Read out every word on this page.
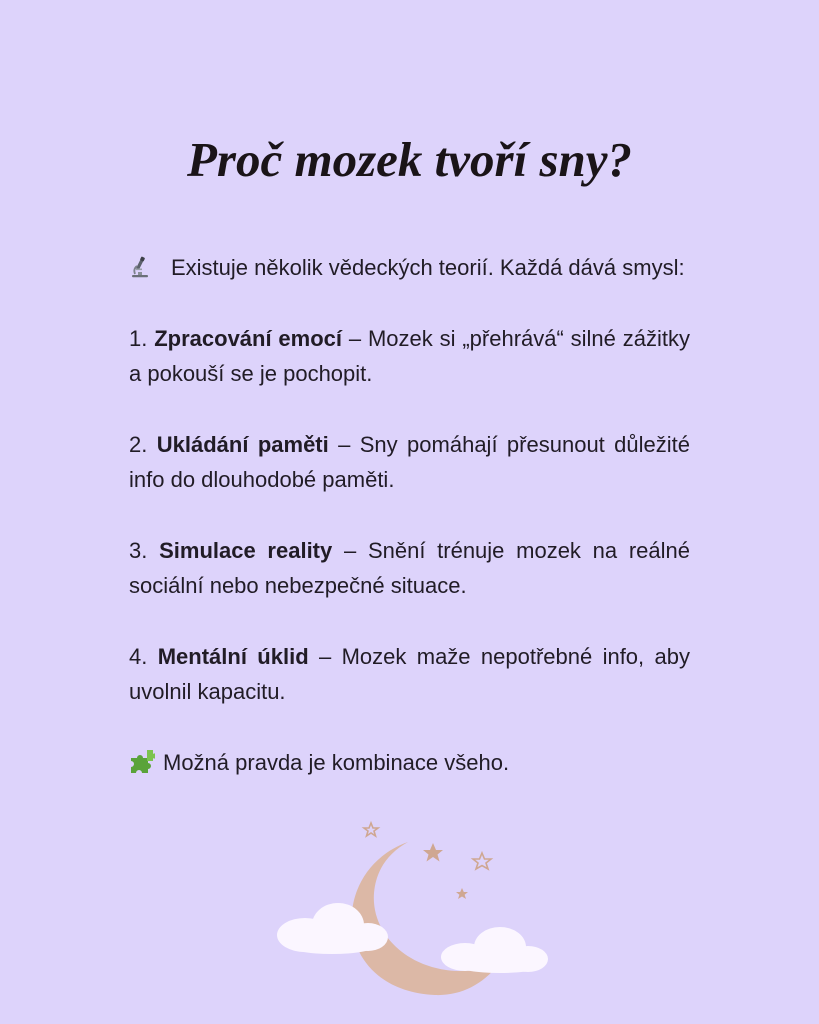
Proč mozek tvoří sny?

Existuje několik vědeckých teorií. Každá dává smysl:

1. Zpracování emocí – Mozek si „přehrává“ silné zážitky a pokouší se je pochopit.

2. Ukládání paměti – Sny pomáhají přesunout důležité info do dlouhodobé paměti.

3. Simulace reality – Snění trénuje mozek na reálné sociální nebo nebezpečné situace.

4. Mentální úklid – Mozek maže nepotřebné info, aby uvolnil kapacitu.

Možná pravda je kombinace všeho.
